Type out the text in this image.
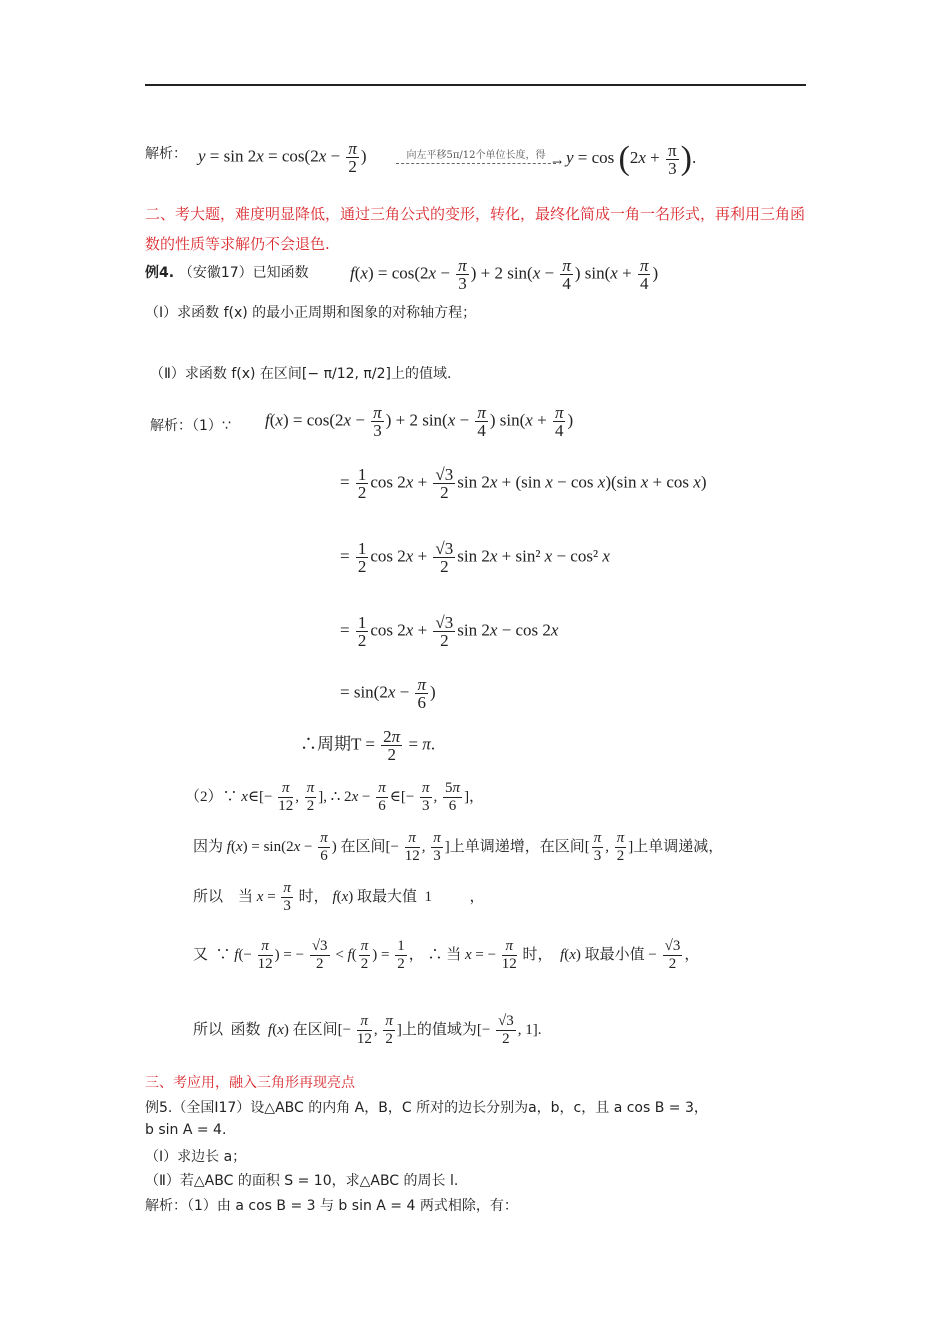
解析： $y = \sin 2x = \cos(2x - \frac{\pi}{2}$ )	向左平移5π/12个单位长度，得 → $y = \cos (2x + \frac{\pi}{3}$ ).
二、考大题，难度明显降低，通过三角公式的变形，转化，最终化简成一角一名形式，再利用三角函数的性质等求解仍不会退色.
例4. （安徽17）已知函数 $f(x) = \cos(2x - \frac{\pi}{3}$ ) + 2 $\sin(x - \frac{\pi}{4}$ ) $\sin(x + \frac{\pi}{4}$ )
（Ⅰ）求函数 f(x) 的最小正周期和图象的对称轴方程；
（Ⅱ）求函数 f(x) 在区间[− π/12, π/2]上的值域.
解析：（1）∵ $f(x) = \cos(2x - \frac{\pi}{3}$ ) + 2 $\sin(x - \frac{\pi}{4}$ ) $\sin(x + \frac{\pi}{4}$ )
= $\frac{1}{2}$ $\cos 2x + \frac{√3}{2}$ sin 2x + (sin x − cos x)(sin x + cos x)
= $\frac{1}{2}$ $\cos 2x + \frac{√3}{2}$ sin 2x + sin² x − cos² x
= $\frac{1}{2}$ $\cos 2x + \frac{√3}{2}$ sin 2x − cos 2x
= $\sin(2x - \frac{\pi}{6}$ )
∴周期$T = \frac{2\pi}{2} = \pi$.
（2）∵ x∈[− $\frac{\pi}{12}$ , $\frac{\pi}{2}$ ], ∴ $2x - \frac{\pi}{6}$ ∈[− $\frac{\pi}{3}$ , $\frac{5\pi}{6}$ ]，
因为 $f(x) = \sin(2x - \frac{\pi}{6}$ ) 在区间[− $\frac{\pi}{12}$ , $\frac{\pi}{3}$ ]上单调递增，在区间[ $\frac{\pi}{3}$ , $\frac{\pi}{2}$ ]上单调递减，
所以    当 $x = \frac{\pi}{3}$ 时， f(x) 取最大值  1          ，
又  ∵ $f(- \frac{\pi}{12}$ ) = − $\frac{√3}{2} < f( \frac{\pi}{2}$ ) = $\frac{1}{2}$ ， ∴ 当 x = − $\frac{\pi}{12}$ 时，  f(x) 取最小值 − $\frac{√3}{2}$ ，
所以  函数  f(x) 在区间[− $\frac{\pi}{12}$ , $\frac{\pi}{2}$ ]上的值域为[− $\frac{√3}{2}$ , 1].
三、考应用，融入三角形再现亮点
例5.（全国Ⅰ17）设△ABC 的内角 A，B，C 所对的边长分别为a，b，c，且 a cos B = 3，
b sin A = 4.
（Ⅰ）求边长 a；
（Ⅱ）若△ABC 的面积 S = 10，求△ABC 的周长 l.
解析：（1）由 a cos B = 3 与 b sin A = 4 两式相除，有：
